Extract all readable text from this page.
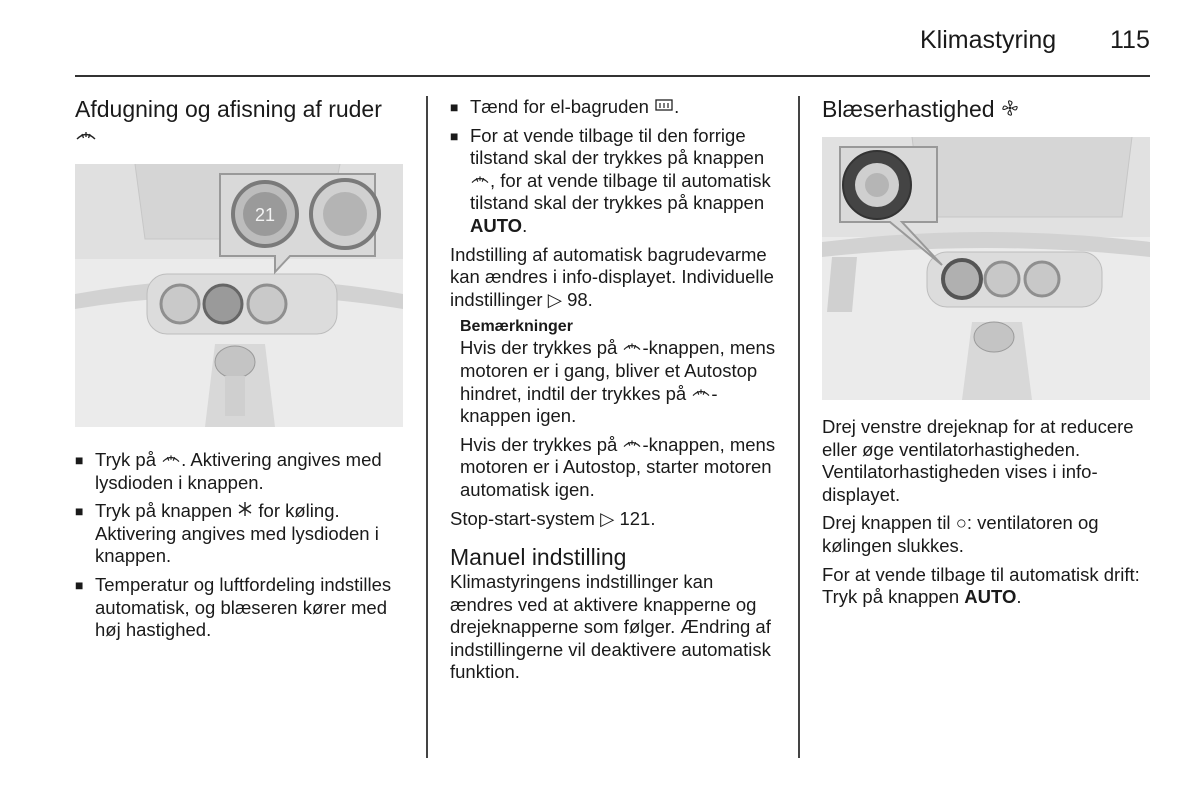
Klimastyring 115
Afdugning og afisning af ruder
21
■ Tryk på . Aktivering angives med lysdioden i knappen.
■ Tryk på knappen  for køling. Aktivering angives med lysdioden i knappen.
■ Temperatur og luftfordeling indstilles automatisk, og blæseren kører med høj hastighed.
■ Tænd for el-bagruden .
■ For at vende tilbage til den forrige tilstand skal der trykkes på knappen , for at vende tilbage til automatisk tilstand skal der trykkes på knappen AUTO.

Indstilling af automatisk bagrudevarme kan ændres i info-displayet. Individuelle indstillinger ▷ 98.

Bemærkninger

Hvis der trykkes på -knappen, mens motoren er i gang, bliver et Autostop hindret, indtil der trykkes på -knappen igen.

Hvis der trykkes på -knappen, mens motoren er i Autostop, starter motoren automatisk igen.

Stop-start-system ▷ 121.

Manuel indstilling

Klimastyringens indstillinger kan ændres ved at aktivere knapperne og drejeknapperne som følger. Ændring af indstillingerne vil deaktivere automatisk funktion.

Blæserhastighed

Drej venstre drejeknap for at reducere eller øge ventilatorhastigheden. Ventilatorhastigheden vises i info-displayet.

Drej knappen til ○: ventilatoren og kølingen slukkes.

For at vende tilbage til automatisk drift: Tryk på knappen AUTO.
